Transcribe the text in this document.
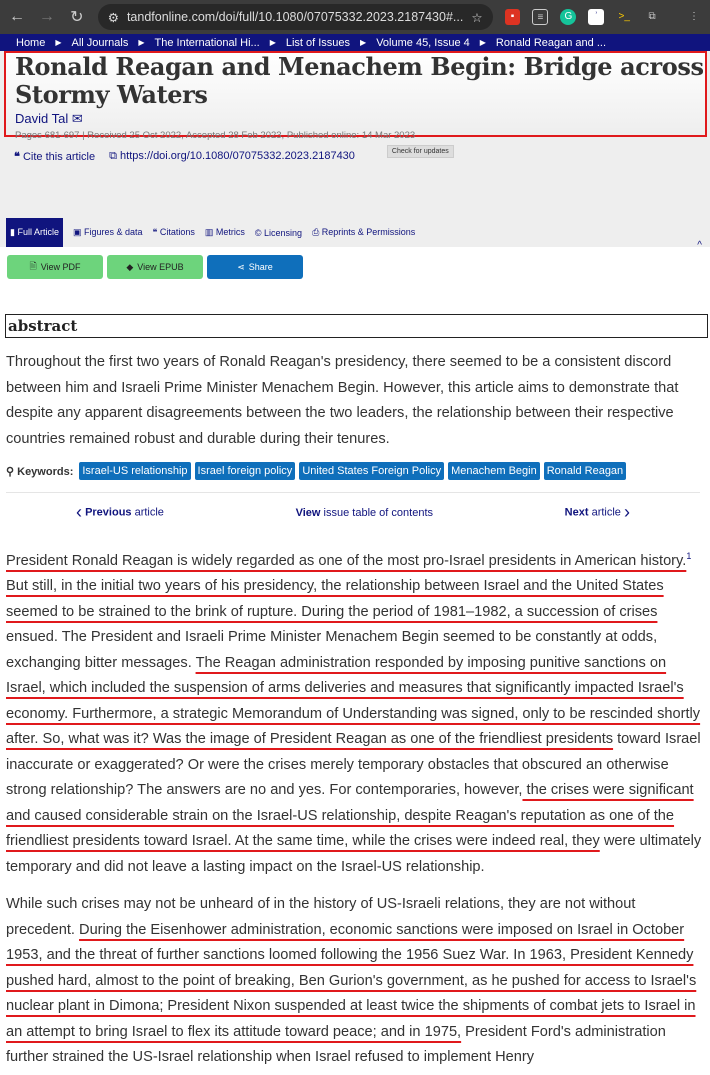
← → ↻ ⚙ tandfonline.com/doi/full/10.1080/07075332.2023.2187430#... ☆	▪	≡	G	ʾ	>_	⧉	⋮
Home ▶ All Journals ▶ The International Hi... ▶ List of Issues ▶ Volume 45, Issue 4 ▶ Ronald Reagan and ...
Ronald Reagan and Menachem Begin: Bridge across Stormy Waters
David Tal ✉
Pages 681-697 | Received 25 Oct 2022, Accepted 28 Feb 2023, Published online: 14 Mar 2023
❝ Cite this article ⧉ https://doi.org/10.1080/07075332.2023.2187430	Check for updates
▮ Full Article	▣ Figures & data ❝ Citations ▥ Metrics © Licensing ⎙ Reprints & Permissions
^
🗎 View PDF	◆ View EPUB	⋖ Share
abstract

Throughout the first two years of Ronald Reagan's presidency, there seemed to be a consistent discord between him and Israeli Prime Minister Menachem Begin. However, this article aims to demonstrate that despite any apparent disagreements between the two leaders, the relationship between their respective countries remained robust and durable during their tenures.

⚲ Keywords: Israel-US relationship Israel foreign policy United States Foreign Policy Menachem Begin Ronald Reagan
‹ Previous article	View issue table of contents	Next article ›

President Ronald Reagan is widely regarded as one of the most pro-Israel presidents in American history.$^1$ But still, in the initial two years of his presidency, the relationship between Israel and the United States seemed to be strained to the brink of rupture. During the period of 1981–1982, a succession of crises ensued. The President and Israeli Prime Minister Menachem Begin seemed to be constantly at odds, exchanging bitter messages. The Reagan administration responded by imposing punitive sanctions on Israel, which included the suspension of arms deliveries and measures that significantly impacted Israel's economy. Furthermore, a strategic Memorandum of Understanding was signed, only to be rescinded shortly after. So, what was it? Was the image of President Reagan as one of the friendliest presidents toward Israel inaccurate or exaggerated? Or were the crises merely temporary obstacles that obscured an otherwise strong relationship? The answers are no and yes. For contemporaries, however, the crises were significant and caused considerable strain on the Israel-US relationship, despite Reagan's reputation as one of the friendliest presidents toward Israel. At the same time, while the crises were indeed real, they were ultimately temporary and did not leave a lasting impact on the Israel-US relationship.

While such crises may not be unheard of in the history of US-Israeli relations, they are not without precedent. During the Eisenhower administration, economic sanctions were imposed on Israel in October 1953, and the threat of further sanctions loomed following the 1956 Suez War. In 1963, President Kennedy pushed hard, almost to the point of breaking, Ben Gurion's government, as he pushed for access to Israel's nuclear plant in Dimona; President Nixon suspended at least twice the shipments of combat jets to Israel in an attempt to bring Israel to flex its attitude toward peace; and in 1975, President Ford's administration further strained the US-Israel relationship when Israel refused to implement Henry
